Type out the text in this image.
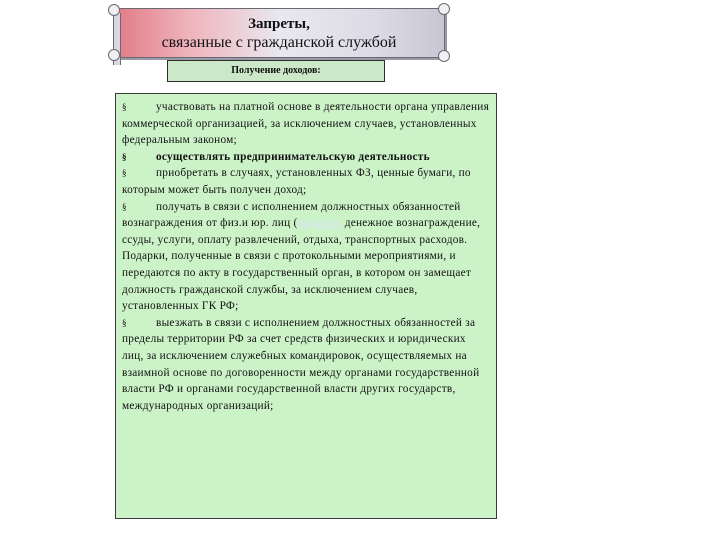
Запреты,
связанные с гражданской службой
Получение доходов:

§	участвовать на платной основе в деятельности органа управления коммерческой организацией, за исключением случаев, установленных федеральным законом;

§	осуществлять предпринимательскую деятельность

§	приобретать в случаях, установленных ФЗ, ценные бумаги, по которым может быть получен доход;

§	получать в связи с исполнением должностных обязанностей вознаграждения от физ.и юр. лиц (подарки, денежное вознаграждение, ссуды, услуги, оплату развлечений, отдыха, транспортных расходов. Подарки, полученные в связи с протокольными мероприятиями, и передаются по акту в государственный орган, в котором он замещает должность гражданской службы, за исключением случаев, установленных ГК РФ;

§	выезжать в связи с исполнением должностных обязанностей за пределы территории РФ за счет средств физических и юридических лиц, за исключением служебных командировок, осуществляемых на взаимной основе по договоренности между органами государственной власти РФ и органами государственной власти других государств, международных организаций;
